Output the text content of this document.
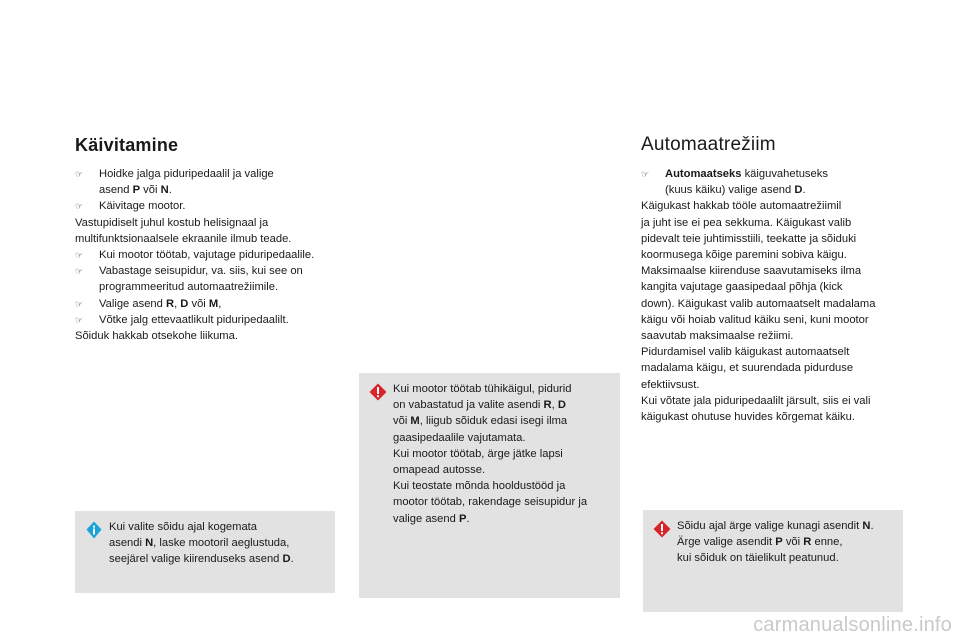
Käivitamine
☞	Hoidke jalga piduripedaalil ja valige
asend P või N.
☞	Käivitage mootor.
Vastupidiselt juhul kostub helisignaal ja
multifunktsionaalsele ekraanile ilmub teade.
☞	Kui mootor töötab, vajutage piduripedaalile.
☞	Vabastage seisupidur, va. siis, kui see on
programmeeritud automaatrežiimile.
☞	Valige asend R, D või M,
☞	Võtke jalg ettevaatlikult piduripedaalilt.
Sõiduk hakkab otsekohe liikuma.
Automaatrežiim
☞	Automaatseks käiguvahetuseks
(kuus käiku) valige asend D.
Käigukast hakkab tööle automaatrežiimil
ja juht ise ei pea sekkuma. Käigukast valib
pidevalt teie juhtimisstiili, teekatte ja sõiduki
koormusega kõige paremini sobiva käigu.
Maksimaalse kiirenduse saavutamiseks ilma
kangita vajutage gaasipedaal põhja (kick
down). Käigukast valib automaatselt madalama
käigu või hoiab valitud käiku seni, kuni mootor
saavutab maksimaalse režiimi.
Pidurdamisel valib käigukast automaatselt
madalama käigu, et suurendada pidurduse
efektiivsust.
Kui võtate jala piduripedaalilt järsult, siis ei vali
käigukast ohutuse huvides kõrgemat käiku.
Kui valite sõidu ajal kogemata
asendi N, laske mootoril aeglustuda,
seejärel valige kiirenduseks asend D.
Kui mootor töötab tühikäigul, pidurid
on vabastatud ja valite asendi R, D
või M, liigub sõiduk edasi isegi ilma
gaasipedaalile vajutamata.
Kui mootor töötab, ärge jätke lapsi
omapead autosse.
Kui teostate mõnda hooldustööd ja
mootor töötab, rakendage seisupidur ja
valige asend P.
Sõidu ajal ärge valige kunagi asendit N.
Ärge valige asendit P või R enne,
kui sõiduk on täielikult peatunud.
carmanualsonline.info
